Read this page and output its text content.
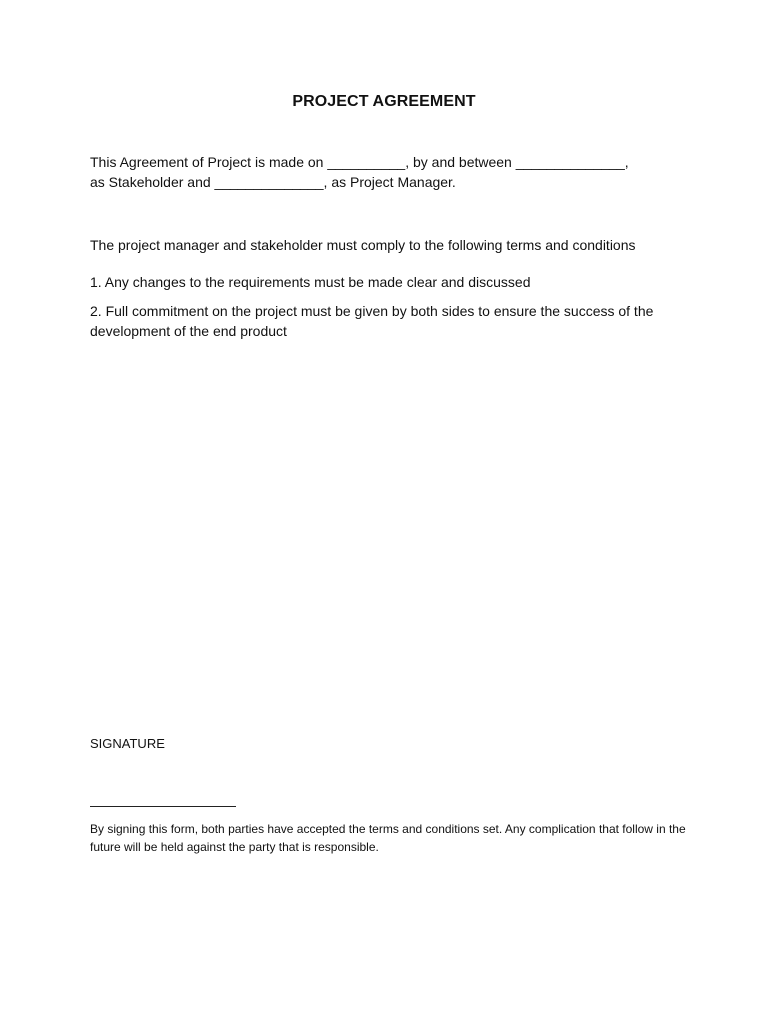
PROJECT AGREEMENT
This Agreement of Project is made on __________, by and between ______________,
as Stakeholder and ______________, as Project Manager.
The project manager and stakeholder must comply to the following terms and conditions
1. Any changes to the requirements must be made clear and discussed
2. Full commitment on the project must be given by both sides to ensure the success of the development of the end product
SIGNATURE
By signing this form, both parties have accepted the terms and conditions set. Any complication that follow in the future will be held against the party that is responsible.
